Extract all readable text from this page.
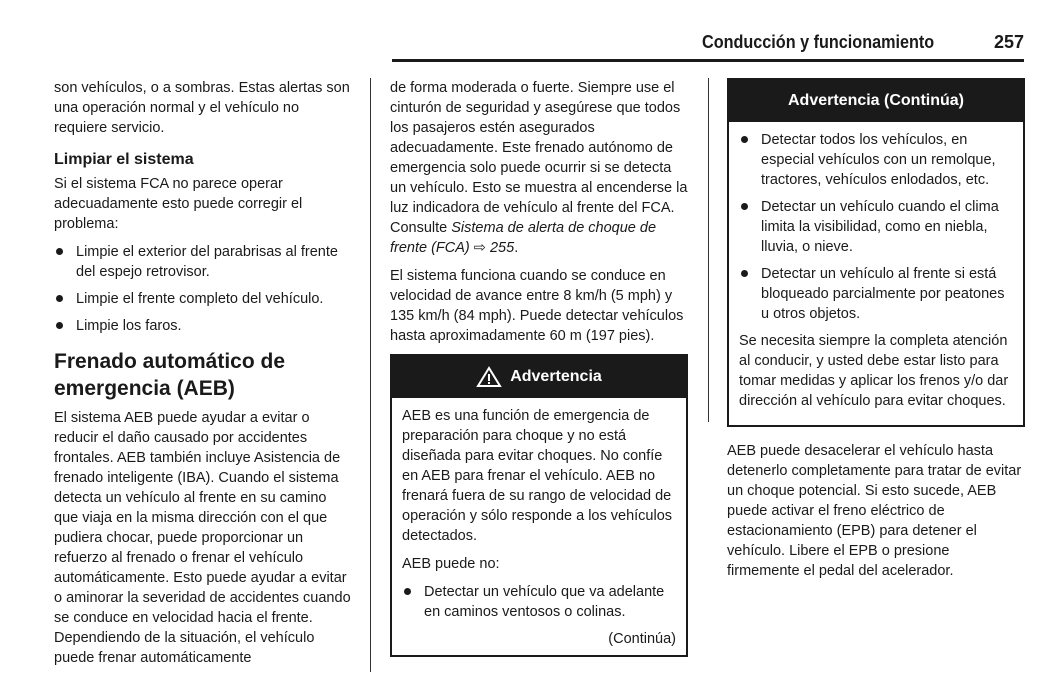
Conducción y funcionamiento	257

son vehículos, o a sombras. Estas alertas son una operación normal y el vehículo no requiere servicio.

Limpiar el sistema

Si el sistema FCA no parece operar adecuadamente esto puede corregir el problema:

Limpie el exterior del parabrisas al frente del espejo retrovisor.
Limpie el frente completo del vehículo.
Limpie los faros.
Frenado automático de emergencia (AEB)

El sistema AEB puede ayudar a evitar o reducir el daño causado por accidentes frontales. AEB también incluye Asistencia de frenado inteligente (IBA). Cuando el sistema detecta un vehículo al frente en su camino que viaja en la misma dirección con el que pudiera chocar, puede proporcionar un refuerzo al frenado o frenar el vehículo automáticamente. Esto puede ayudar a evitar o aminorar la severidad de accidentes cuando se conduce en velocidad hacia el frente. Dependiendo de la situación, el vehículo puede frenar automáticamente

de forma moderada o fuerte. Siempre use el cinturón de seguridad y asegúrese que todos los pasajeros estén asegurados adecuadamente. Este frenado autónomo de emergencia solo puede ocurrir si se detecta un vehículo. Esto se muestra al encenderse la luz indicadora de vehículo al frente del FCA. Consulte Sistema de alerta de choque de frente (FCA) ⇨ 255.

El sistema funciona cuando se conduce en velocidad de avance entre 8 km/h (5 mph) y 135 km/h (84 mph). Puede detectar vehículos hasta aproximadamente 60 m (197 pies).

Advertencia

AEB es una función de emergencia de preparación para choque y no está diseñada para evitar choques. No confíe en AEB para frenar el vehículo. AEB no frenará fuera de su rango de velocidad de operación y sólo responde a los vehículos detectados.

AEB puede no:

Detectar un vehículo que va adelante en caminos ventosos o colinas.
(Continúa)
Advertencia (Continúa)
Detectar todos los vehículos, en especial vehículos con un remolque, tractores, vehículos enlodados, etc.
Detectar un vehículo cuando el clima limita la visibilidad, como en niebla, lluvia, o nieve.
Detectar un vehículo al frente si está bloqueado parcialmente por peatones u otros objetos.

Se necesita siempre la completa atención al conducir, y usted debe estar listo para tomar medidas y aplicar los frenos y/o dar dirección al vehículo para evitar choques.

AEB puede desacelerar el vehículo hasta detenerlo completamente para tratar de evitar un choque potencial. Si esto sucede, AEB puede activar el freno eléctrico de estacionamiento (EPB) para detener el vehículo. Libere el EPB o presione firmemente el pedal del acelerador.
